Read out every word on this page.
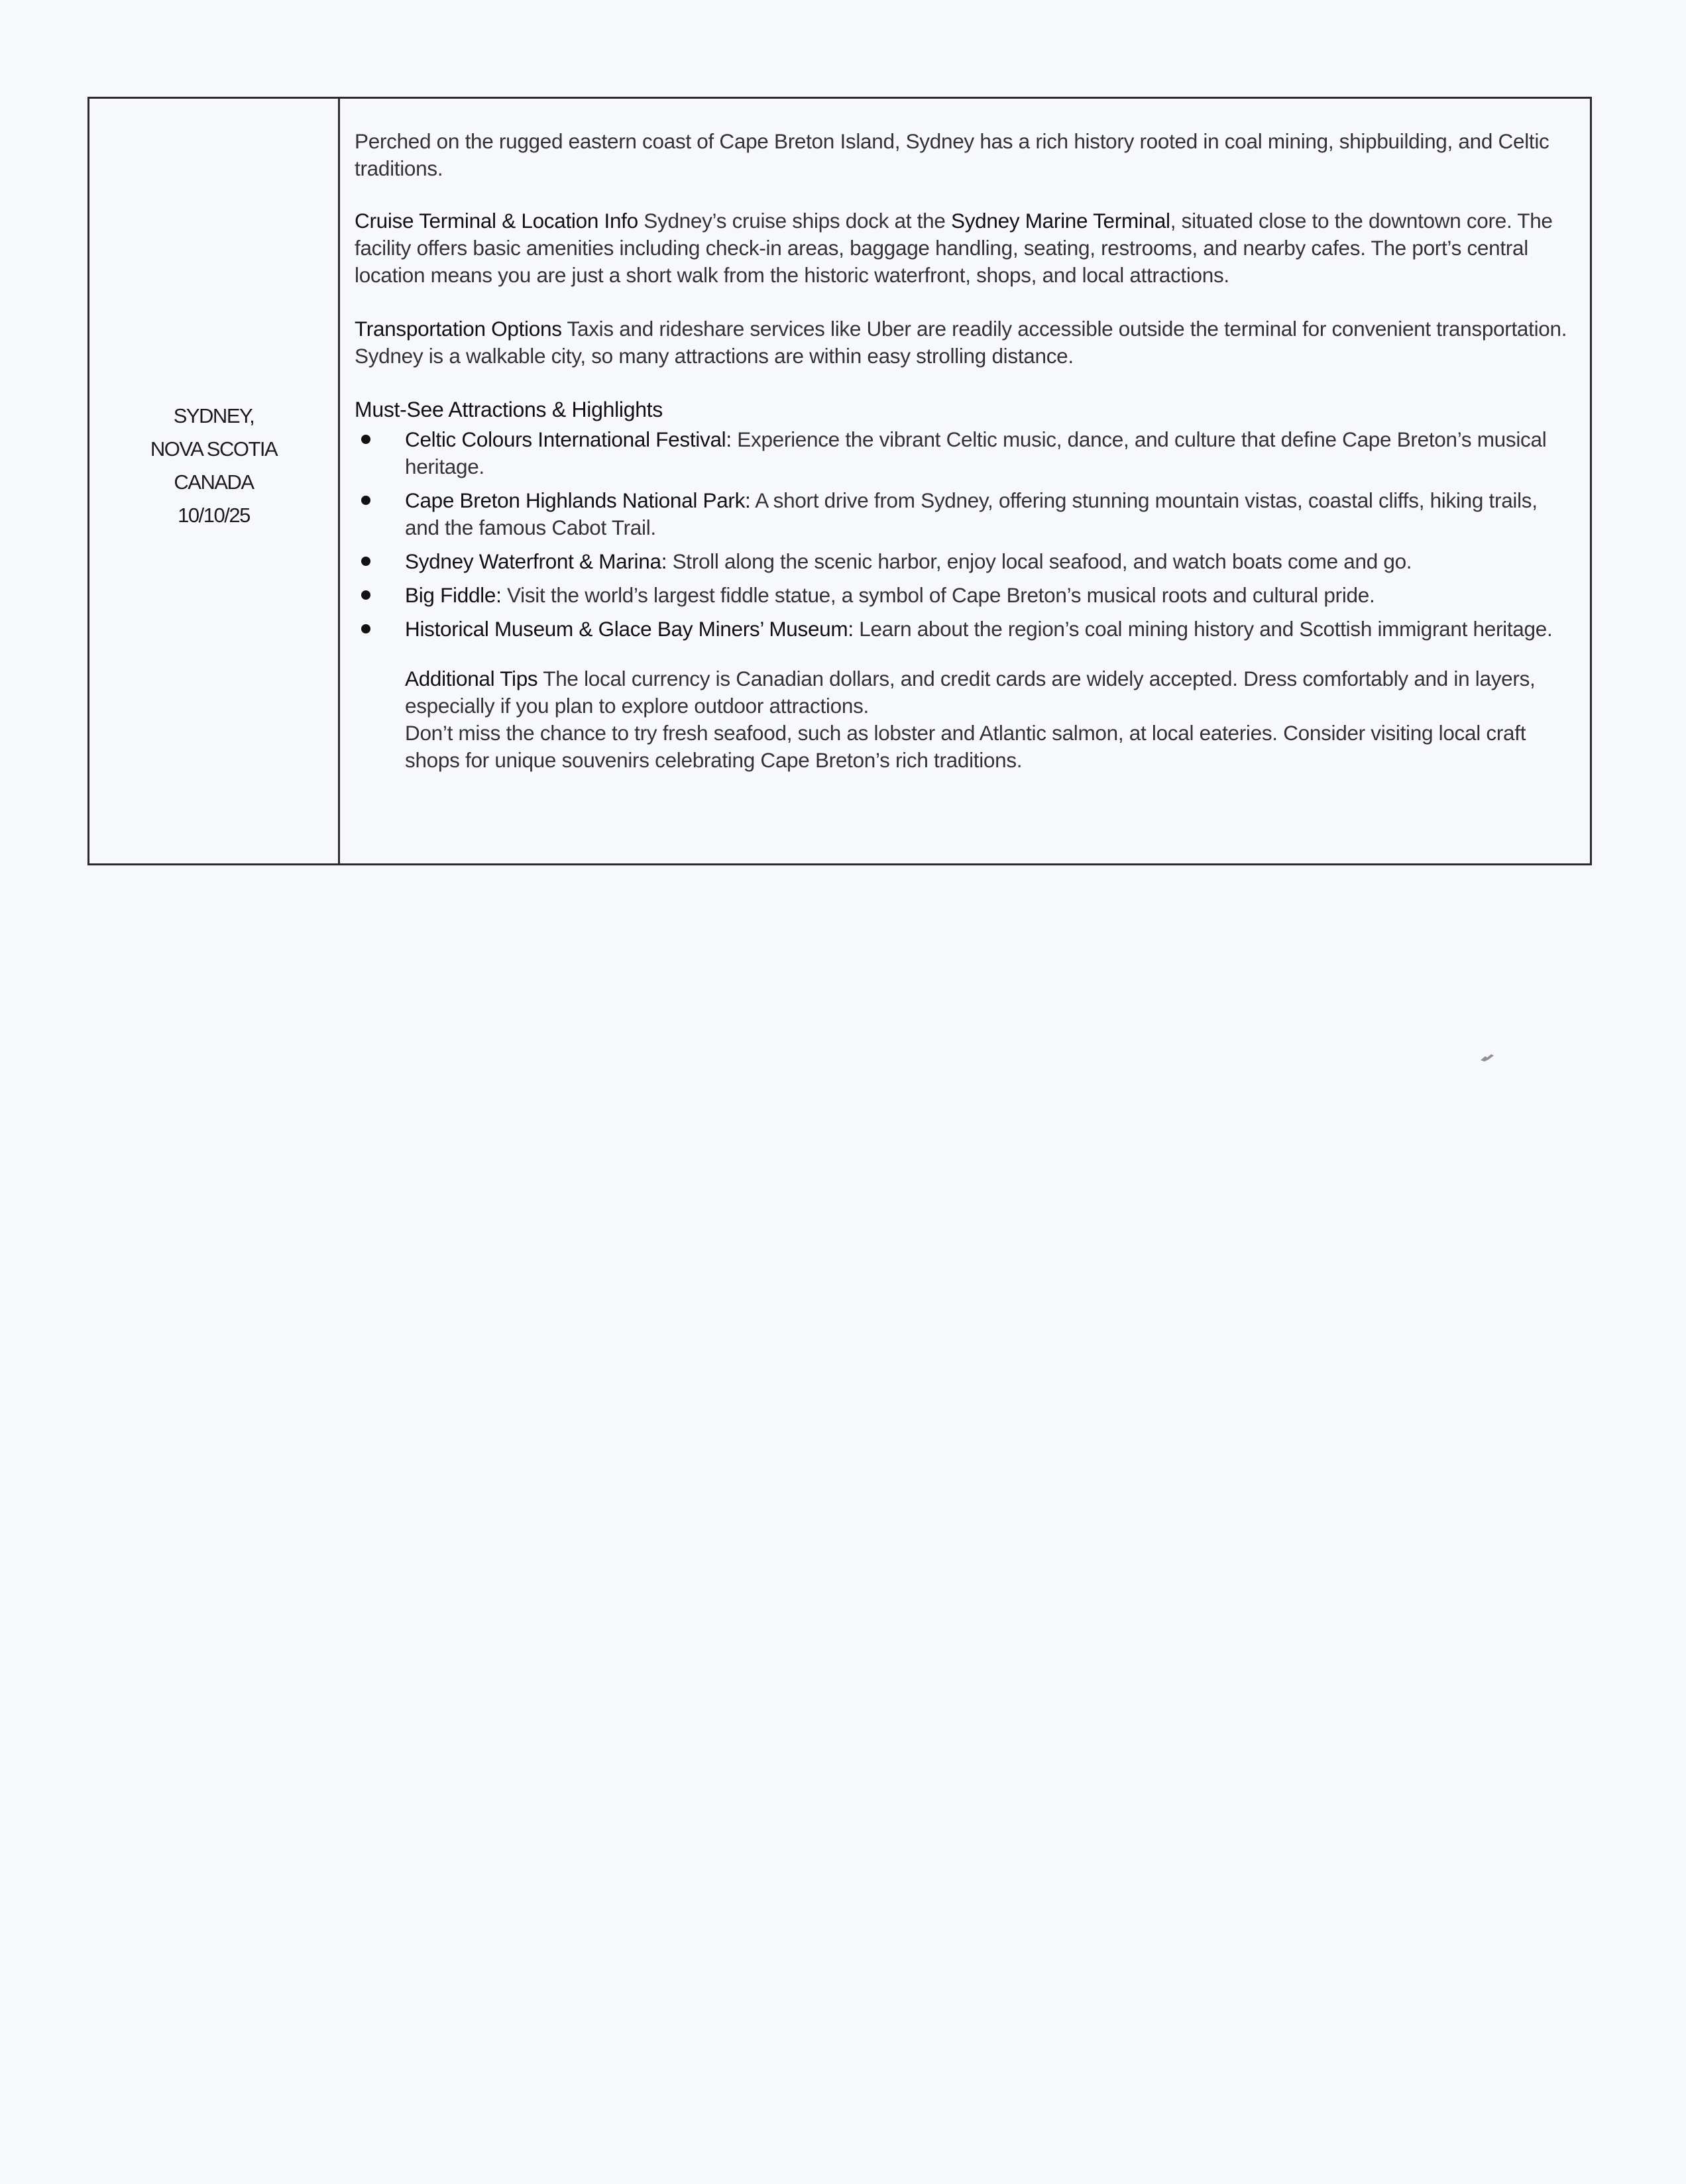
SYDNEY,
NOVA SCOTIA
CANADA
10/10/25

Perched on the rugged eastern coast of Cape Breton Island, Sydney has a rich history rooted in coal mining, shipbuilding, and Celtic traditions.

Cruise Terminal & Location Info Sydney’s cruise ships dock at the Sydney Marine Terminal, situated close to the downtown core. The facility offers basic amenities including check-in areas, baggage handling, seating, restrooms, and nearby cafes. The port’s central location means you are just a short walk from the historic waterfront, shops, and local attractions.

Transportation Options Taxis and rideshare services like Uber are readily accessible outside the terminal for convenient transportation. Sydney is a walkable city, so many attractions are within easy strolling distance.

Must-See Attractions & Highlights
Celtic Colours International Festival: Experience the vibrant Celtic music, dance, and culture that define Cape Breton’s musical heritage.
Cape Breton Highlands National Park: A short drive from Sydney, offering stunning mountain vistas, coastal cliffs, hiking trails, and the famous Cabot Trail.
Sydney Waterfront & Marina: Stroll along the scenic harbor, enjoy local seafood, and watch boats come and go.
Big Fiddle: Visit the world’s largest fiddle statue, a symbol of Cape Breton’s musical roots and cultural pride.
Historical Museum & Glace Bay Miners’ Museum: Learn about the region’s coal mining history and Scottish immigrant heritage.
Additional Tips The local currency is Canadian dollars, and credit cards are widely accepted. Dress comfortably and in layers, especially if you plan to explore outdoor attractions.
Don’t miss the chance to try fresh seafood, such as lobster and Atlantic salmon, at local eateries. Consider visiting local craft shops for unique souvenirs celebrating Cape Breton’s rich traditions.
